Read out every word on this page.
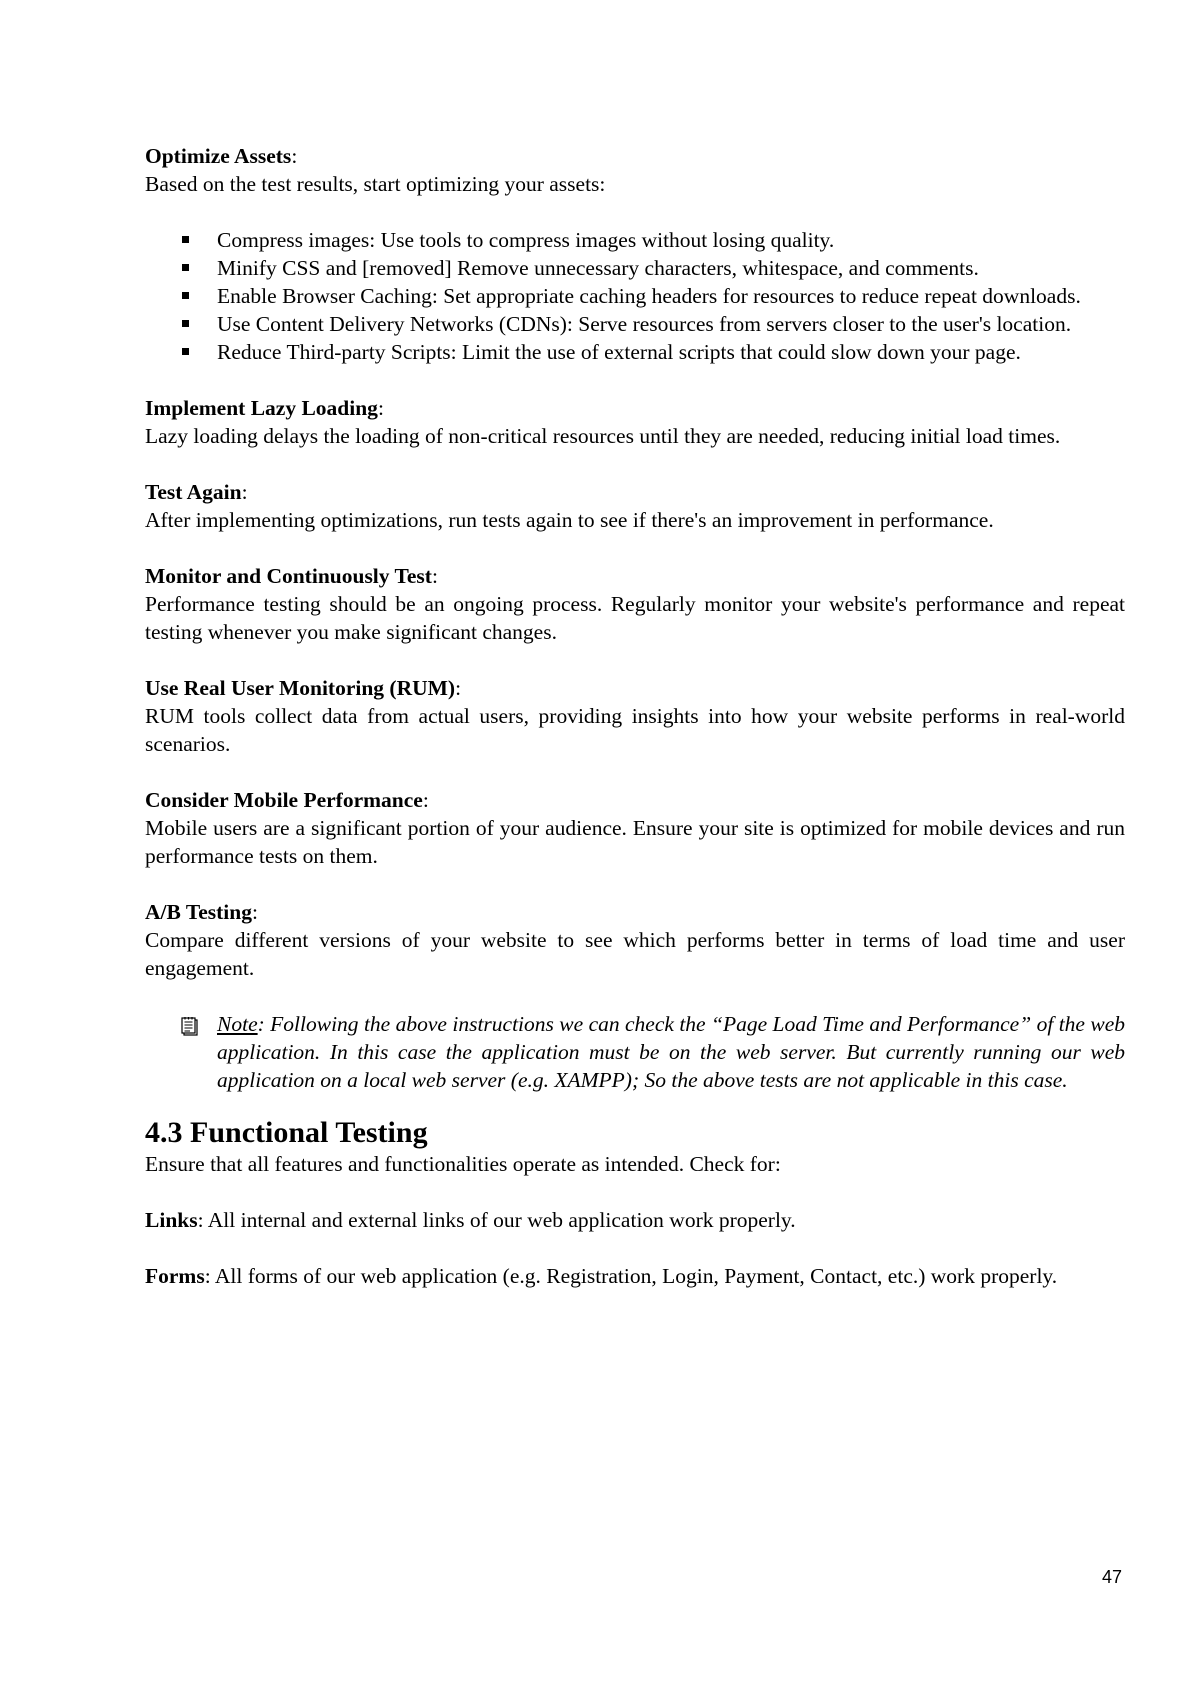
Optimize Assets:
Based on the test results, start optimizing your assets:
Compress images: Use tools to compress images without losing quality.
Minify CSS and [removed] Remove unnecessary characters, whitespace, and comments.
Enable Browser Caching: Set appropriate caching headers for resources to reduce repeat downloads.
Use Content Delivery Networks (CDNs): Serve resources from servers closer to the user's location.
Reduce Third-party Scripts: Limit the use of external scripts that could slow down your page.
Implement Lazy Loading:
Lazy loading delays the loading of non-critical resources until they are needed, reducing initial load times.
Test Again:
After implementing optimizations, run tests again to see if there's an improvement in performance.
Monitor and Continuously Test:
Performance testing should be an ongoing process. Regularly monitor your website's performance and repeat testing whenever you make significant changes.
Use Real User Monitoring (RUM):
RUM tools collect data from actual users, providing insights into how your website performs in real-world scenarios.
Consider Mobile Performance:
Mobile users are a significant portion of your audience. Ensure your site is optimized for mobile devices and run performance tests on them.
A/B Testing:
Compare different versions of your website to see which performs better in terms of load time and user engagement.
Note: Following the above instructions we can check the “Page Load Time and Performance” of the web application. In this case the application must be on the web server. But currently running our web application on a local web server (e.g. XAMPP); So the above tests are not applicable in this case.
4.3 Functional Testing
Ensure that all features and functionalities operate as intended. Check for:
Links: All internal and external links of our web application work properly.
Forms: All forms of our web application (e.g. Registration, Login, Payment, Contact, etc.) work properly.
47
